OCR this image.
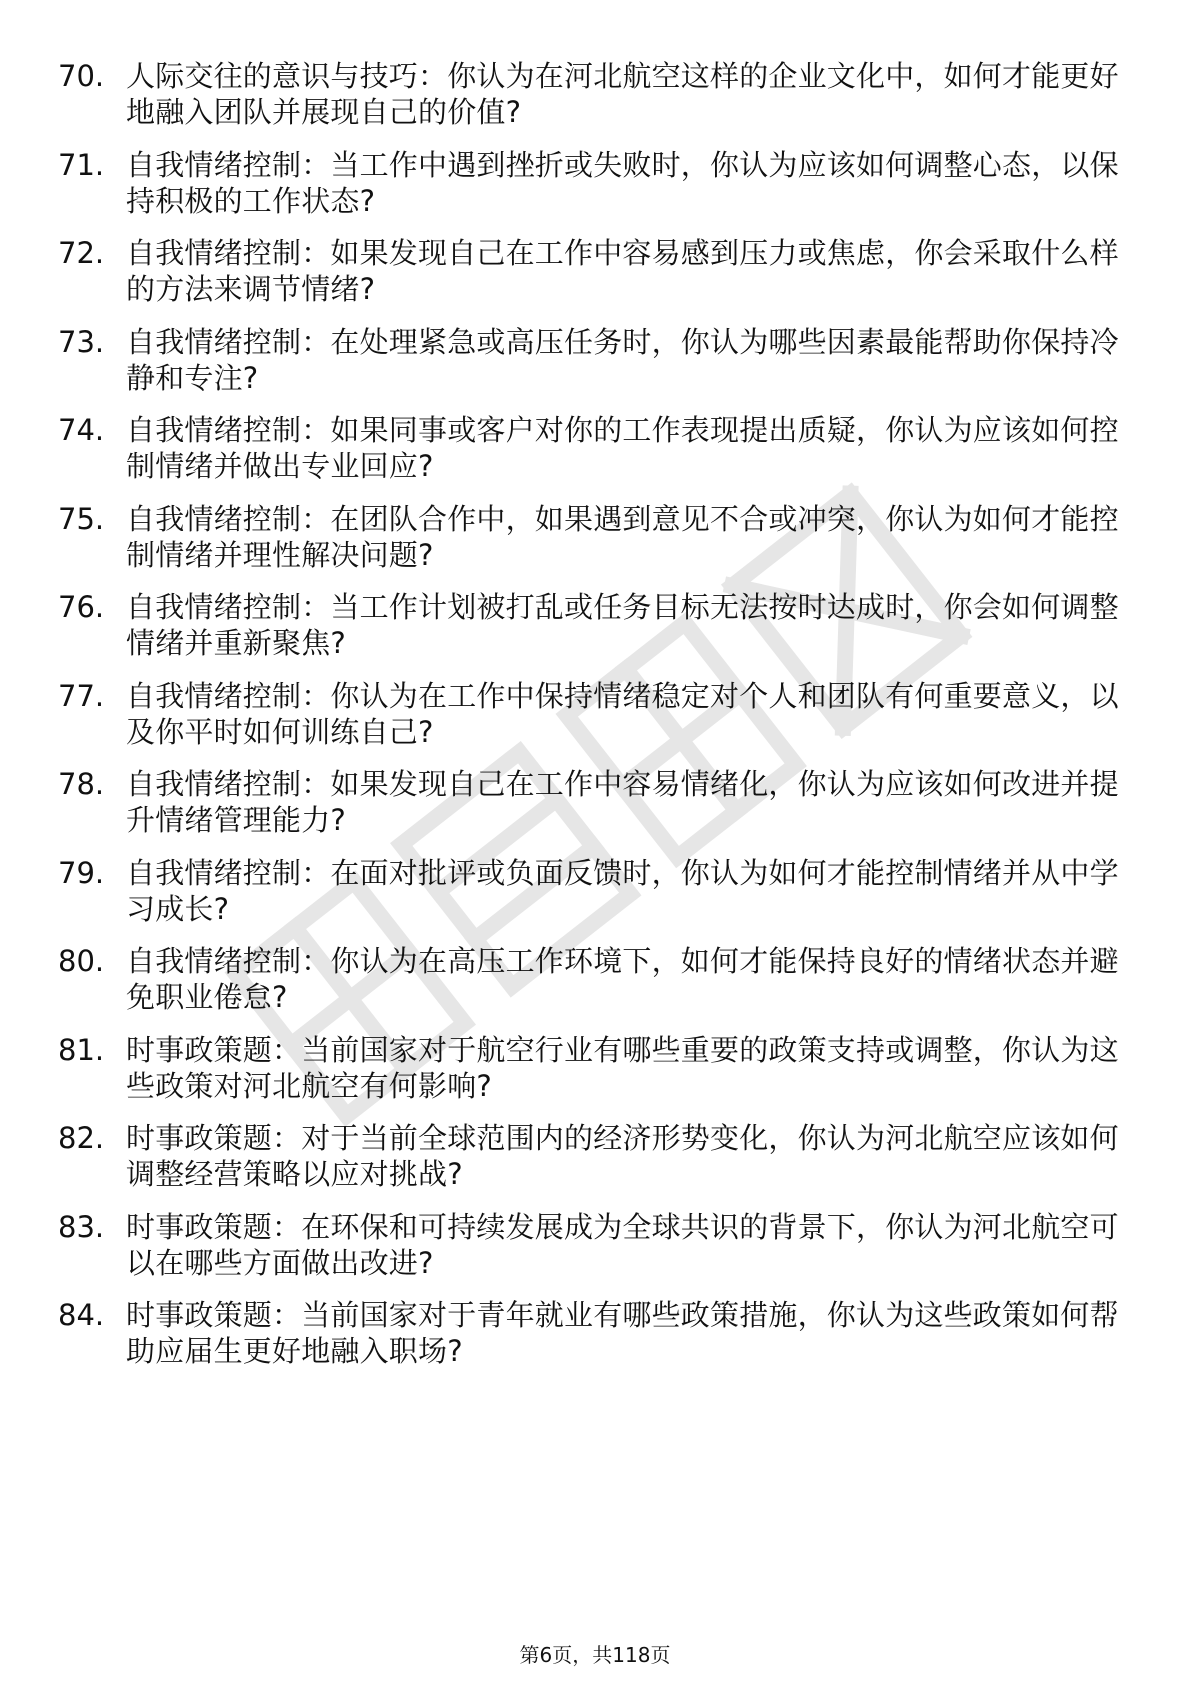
70. 人际交往的意识与技巧：你认为在河北航空这样的企业文化中，如何才能更好地融入团队并展现自己的价值?
71. 自我情绪控制：当工作中遇到挫折或失败时，你认为应该如何调整心态，以保持积极的工作状态?
72. 自我情绪控制：如果发现自己在工作中容易感到压力或焦虑，你会采取什么样的方法来调节情绪?
73. 自我情绪控制：在处理紧急或高压任务时，你认为哪些因素最能帮助你保持冷静和专注?
74. 自我情绪控制：如果同事或客户对你的工作表现提出质疑，你认为应该如何控制情绪并做出专业回应?
75. 自我情绪控制：在团队合作中，如果遇到意见不合或冲突，你认为如何才能控制情绪并理性解决问题?
76. 自我情绪控制：当工作计划被打乱或任务目标无法按时达成时，你会如何调整情绪并重新聚焦?
77. 自我情绪控制：你认为在工作中保持情绪稳定对个人和团队有何重要意义，以及你平时如何训练自己?
78. 自我情绪控制：如果发现自己在工作中容易情绪化，你认为应该如何改进并提升情绪管理能力?
79. 自我情绪控制：在面对批评或负面反馈时，你认为如何才能控制情绪并从中学习成长?
80. 自我情绪控制：你认为在高压工作环境下，如何才能保持良好的情绪状态并避免职业倦怠?
81. 时事政策题：当前国家对于航空行业有哪些重要的政策支持或调整，你认为这些政策对河北航空有何影响?
82. 时事政策题：对于当前全球范围内的经济形势变化，你认为河北航空应该如何调整经营策略以应对挑战?
83. 时事政策题：在环保和可持续发展成为全球共识的背景下，你认为河北航空可以在哪些方面做出改进?
84. 时事政策题：当前国家对于青年就业有哪些政策措施，你认为这些政策如何帮助应届生更好地融入职场?
第6页，共118页
